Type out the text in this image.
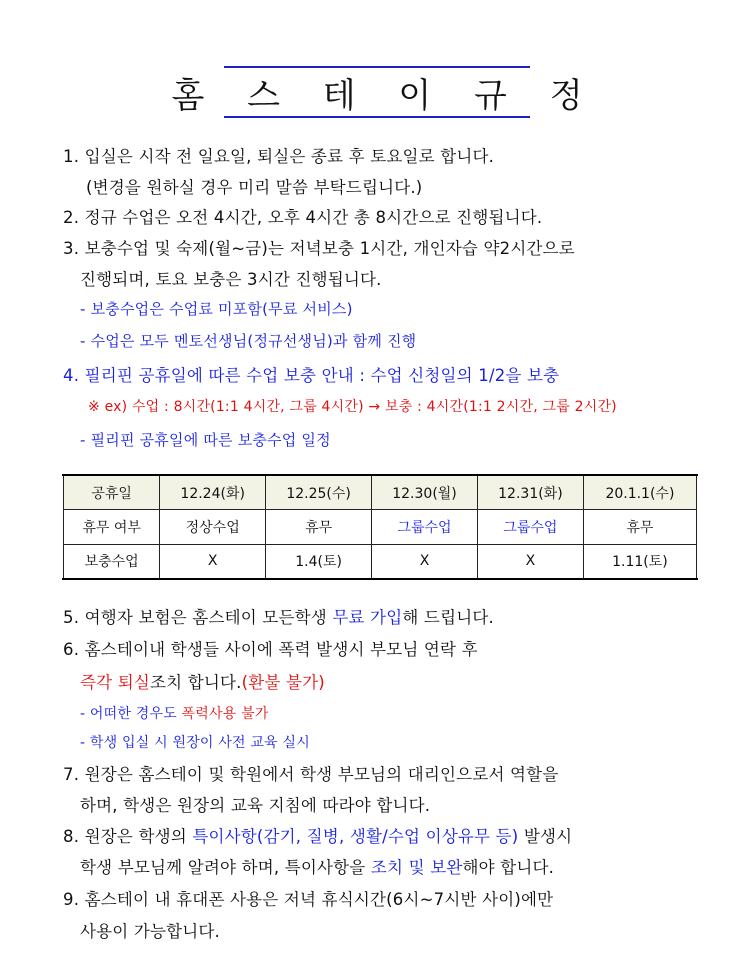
홈 스 테 이 규 정
1. 입실은 시작 전 일요일, 퇴실은 종료 후 토요일로 합니다.
(변경을 원하실 경우 미리 말씀 부탁드립니다.)
2. 정규 수업은 오전 4시간, 오후 4시간 총 8시간으로 진행됩니다.
3. 보충수업 및 숙제(월~금)는 저녁보충 1시간, 개인자습 약2시간으로
진행되며, 토요 보충은 3시간 진행됩니다.
- 보충수업은 수업료 미포함(무료 서비스)
- 수업은 모두 멘토선생님(정규선생님)과 함께 진행
4. 필리핀 공휴일에 따른 수업 보충 안내 : 수업 신청일의 1/2을 보충
※ ex) 수업 : 8시간(1:1 4시간, 그룹 4시간) → 보충 : 4시간(1:1 2시간, 그룹 2시간)
- 필리핀 공휴일에 따른 보충수업 일정
공휴일	12.24(화)	12.25(수)	12.30(월)	12.31(화)	20.1.1(수)
휴무 여부	정상수업	휴무	그룹수업	그룹수업	휴무
보충수업	X	1.4(토)	X	X	1.11(토)
5. 여행자 보험은 홈스테이 모든학생 무료 가입해 드립니다.
6. 홈스테이내 학생들 사이에 폭력 발생시 부모님 연락 후
즉각 퇴실조치 합니다.(환불 불가)
- 어떠한 경우도 폭력사용 불가
- 학생 입실 시 원장이 사전 교육 실시
7. 원장은 홈스테이 및 학원에서 학생 부모님의 대리인으로서 역할을
하며, 학생은 원장의 교육 지침에 따라야 합니다.
8. 원장은 학생의 특이사항(감기, 질병, 생활/수업 이상유무 등) 발생시
학생 부모님께 알려야 하며, 특이사항을 조치 및 보완해야 합니다.
9. 홈스테이 내 휴대폰 사용은 저녁 휴식시간(6시~7시반 사이)에만
사용이 가능합니다.
